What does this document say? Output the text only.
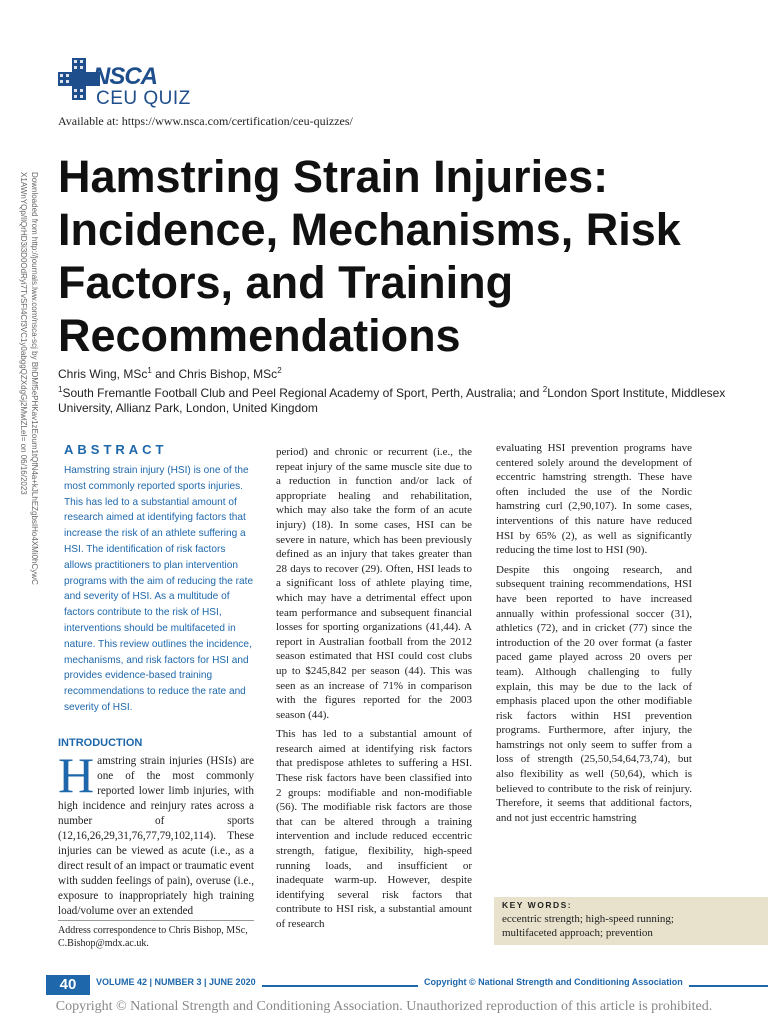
NSCA
CEU QUIZ
Available at: https://www.nsca.com/certification/ceu-quizzes/
Downloaded from http://journals.lww.com/nsca-scj by BhDMf5ePHKav1zEoum1tQfN4a+kJLhEZgbsIHo4XMi0hCywC X1AWnYQp/IlQrHD3i3D0OdRyi7TvSFl4Cf3VC1y0abggQZXdgGj2MwlZLeI= on 06/16/2023 Hamstring Strain Injuries: Incidence, Mechanisms, Risk Factors, and Training Recommendations
Chris Wing, MSc$^1$ and Chris Bishop, MSc$^2$
$^1$South Fremantle Football Club and Peel Regional Academy of Sport, Perth, Australia; and $^2$London Sport Institute, Middlesex University, Allianz Park, London, United Kingdom
ABSTRACT
Hamstring strain injury (HSI) is one of the most commonly reported sports injuries. This has led to a substantial amount of research aimed at identifying factors that increase the risk of an athlete suffering a HSI. The identification of risk factors allows practitioners to plan intervention programs with the aim of reducing the rate and severity of HSI. As a multitude of factors contribute to the risk of HSI, interventions should be multifaceted in nature. This review outlines the incidence, mechanisms, and risk factors for HSI and provides evidence-based training recommendations to reduce the rate and severity of HSI.
INTRODUCTION
Hamstring strain injuries (HSIs) are one of the most commonly reported lower limb injuries, with high incidence and reinjury rates across a number of sports (12,16,26,29,31,76,77,79,102,114). These injuries can be viewed as acute (i.e., as a direct result of an impact or traumatic event with sudden feelings of pain), overuse (i.e., exposure to inappropriately high training load/volume over an extended
Address correspondence to Chris Bishop, MSc, C.Bishop@mdx.ac.uk.

period) and chronic or recurrent (i.e., the repeat injury of the same muscle site due to a reduction in function and/or lack of appropriate healing and rehabilitation, which may also take the form of an acute injury) (18). In some cases, HSI can be severe in nature, which has been previously defined as an injury that takes greater than 28 days to recover (29). Often, HSI leads to a significant loss of athlete playing time, which may have a detrimental effect upon team performance and subsequent financial losses for sporting organizations (41,44). A report in Australian football from the 2012 season estimated that HSI could cost clubs up to $245,842 per season (44). This was seen as an increase of 71% in comparison with the figures reported for the 2003 season (44).

This has led to a substantial amount of research aimed at identifying risk factors that predispose athletes to suffering a HSI. These risk factors have been classified into 2 groups: modifiable and non-modifiable (56). The modifiable risk factors are those that can be altered through a training intervention and include reduced eccentric strength, fatigue, flexibility, high-speed running loads, and insufficient or inadequate warm-up. However, despite identifying several risk factors that contribute to HSI risk, a substantial amount of research

evaluating HSI prevention programs have centered solely around the development of eccentric hamstring strength. These have often included the use of the Nordic hamstring curl (2,90,107). In some cases, interventions of this nature have reduced HSI by 65% (2), as well as significantly reducing the time lost to HSI (90).

Despite this ongoing research, and subsequent training recommendations, HSI have been reported to have increased annually within professional soccer (31), athletics (72), and in cricket (77) since the introduction of the 20 over format (a faster paced game played across 20 overs per team). Although challenging to fully explain, this may be due to the lack of emphasis placed upon the other modifiable risk factors within HSI prevention programs. Furthermore, after injury, the hamstrings not only seem to suffer from a loss of strength (25,50,54,64,73,74), but also flexibility as well (50,64), which is believed to contribute to the risk of reinjury. Therefore, it seems that additional factors, and not just eccentric hamstring

KEY WORDS:
eccentric strength; high-speed running; multifaceted approach; prevention
40	VOLUME 42 | NUMBER 3 | JUNE 2020	Copyright © National Strength and Conditioning Association
Copyright © National Strength and Conditioning Association. Unauthorized reproduction of this article is prohibited.
